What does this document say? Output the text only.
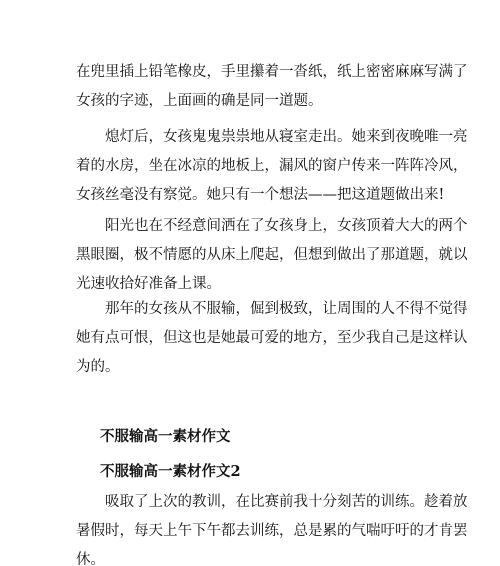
在兜里插上铅笔橡皮，手里攥着一沓纸，纸上密密麻麻写满了
女孩的字迹，上面画的确是同一道题。

　　熄灯后，女孩鬼鬼祟祟地从寝室走出。她来到夜晚唯一亮
着的水房，坐在冰凉的地板上，漏风的窗户传来一阵阵冷风，
女孩丝毫没有察觉。她只有一个想法——把这道题做出来!

　　阳光也在不经意间洒在了女孩身上，女孩顶着大大的两个
黑眼圈，极不情愿的从床上爬起，但想到做出了那道题，就以
光速收拾好准备上课。

　　那年的女孩从不服输，倔到极致，让周围的人不得不觉得
她有点可恨，但这也是她最可爱的地方，至少我自己是这样认
为的。

不服输高一素材作文
不服输高一素材作文2

　　吸取了上次的教训，在比赛前我十分刻苦的训练。趁着放
暑假时，每天上午下午都去训练，总是累的气喘吁吁的才肯罢
休。
